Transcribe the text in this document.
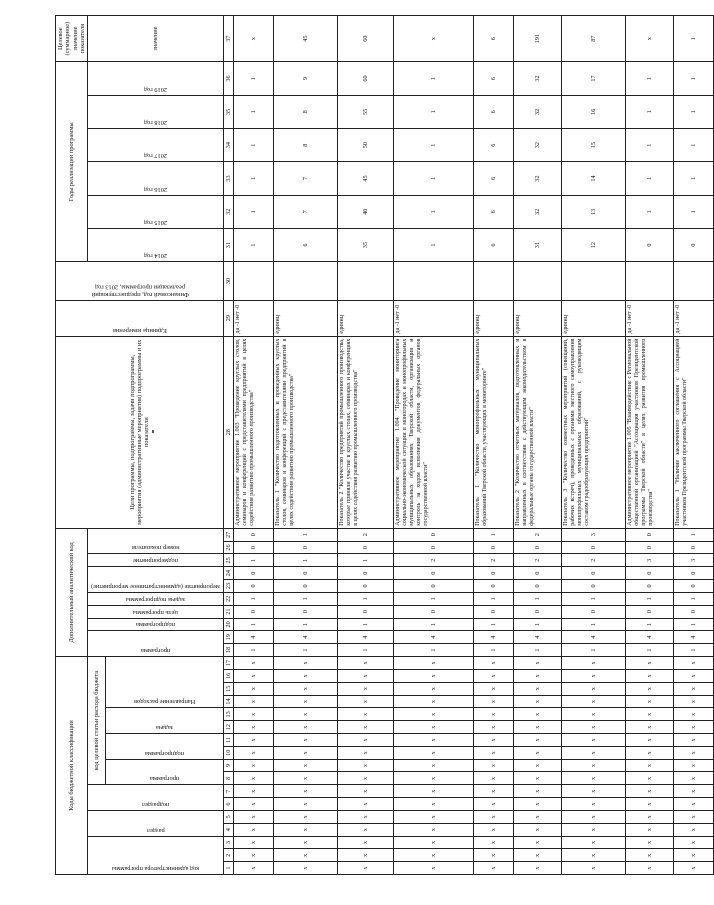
Коды бюджетной классификации																	Дополнительный аналитический код										Цели программы, подпрограммы, задачи подпрограммы, мероприятия (административные мероприятия) подпрограммы и их показатели	Единица измерения	Финансовый год, предшествующий реализации программы, 2013 год	Годы реализации программы						Целевое (суммарное) значение показателя

код администратора программы			раздел		подраздел		код целевой статьи расхода бюджета										программа		подпрограмма	цель программы	задача подпрограммы	мероприятие (административное мероприятие)		подмероприятие	номер показателя					2014 год	2015 год	2016 год	2017 год	2018 год	2019 год	значение

							программа		подпрограмма		задача		Направление расходов																							

1	2	3	4	5	6	7	8	9	10	11	12	13	14	15	16	17	18	19	20	21	22	23	24	25	26	27	28	29	30	31	32	33	34	35	36	37
x	x	x	x	x	x	x	x	x	x	x	x	x	x	x	x	x	1	4	1	0	1	0	0	1	0	0	Административное мероприятие 1.003 "Проведение круглых столов, семинаров и конференций с представителями предприятий в целях содействия развитию промышленного производства"	да -1 нет -0		1	1	1	1	1	1	x
x	x	x	x	x	x	x	x	x	x	x	x	x	x	x	x	x	1	4	1	0	1	0	0	1	0	1	Показатель 1 "Количество подготовленных и проведенных круглых столов, семинаров и конференций с представителями предприятий в целях содействия развитию промышленного производства"	единиц		6	7	7	8	8	9	45
x	x	x	x	x	x	x	x	x	x	x	x	x	x	x	x	x	1	4	1	0	1	0	0	1	0	2	Показатель 2 "Количество предприятий промышленного производства, которые приняли участие в круглых столах, семинарах и конференциях в целях содействия развитию промышленного производства"	единиц		35	40	45	50	55	60	60
x	x	x	x	x	x	x	x	x	x	x	x	x	x	x	x	x	1	4	1	0	1	0	0	2	0	0	Административное мероприятие 1.004 "Проведение мониторинга социально-экономической ситуации в моногородах и монопрофильных муниципальных образованиях Тверской области, организация и контроль за ходом исполнения документов федеральных органов государственной власти"	да -1 нет -0		1	1	1	1	1	1	x
x	x	x	x	x	x	x	x	x	x	x	x	x	x	x	x	x	1	4	1	0	1	0	0	2	0	1	Показатель 1 "Количество монопрофильных муниципальных образований Тверской области, участвующих в мониторинге"	единиц		6	6	6	6	6	6	6
x	x	x	x	x	x	x	x	x	x	x	x	x	x	x	x	x	1	4	1	0	1	0	0	2	0	2	Показатель 2 "Количество отчетных материалов, подготовленных и направленных в соответствии с действующим законодательством в федеральные органы государственной власти"	единиц		31	32	32	32	32	32	191
x	x	x	x	x	x	x	x	x	x	x	x	x	x	x	x	x	1	4	1	0	1	0	0	2	0	3	Показатель 3 "Количество совместных мероприятий (совещаний, рабочих встреч), проведенных с органами местного самоуправления монопрофильных муниципальных образований, с руководящим составом градообразующих предприятий"	единиц		12	13	14	15	16	17	87
x	x	x	x	x	x	x	x	x	x	x	x	x	x	x	x	x	1	4	1	0	1	0	0	3	0	0	Административное мероприятие 1.005 "Взаимодействие с Региональной общественной организацией "Ассоциация участников Президентской программы Тверской области" в целях развития промышленного производства"	да -1 нет -0		0	1	1	1	1	1	x
x	x	x	x	x	x	x	x	x	x	x	x	x	x	x	x	x	1	4	1	0	1	0	0	3	0	1	Показатель 1 "Наличие заключенного соглашения с Ассоциацией участников Президентской программы Тверской области"	да -1 нет -0		0	1	1	1	1	1	1
